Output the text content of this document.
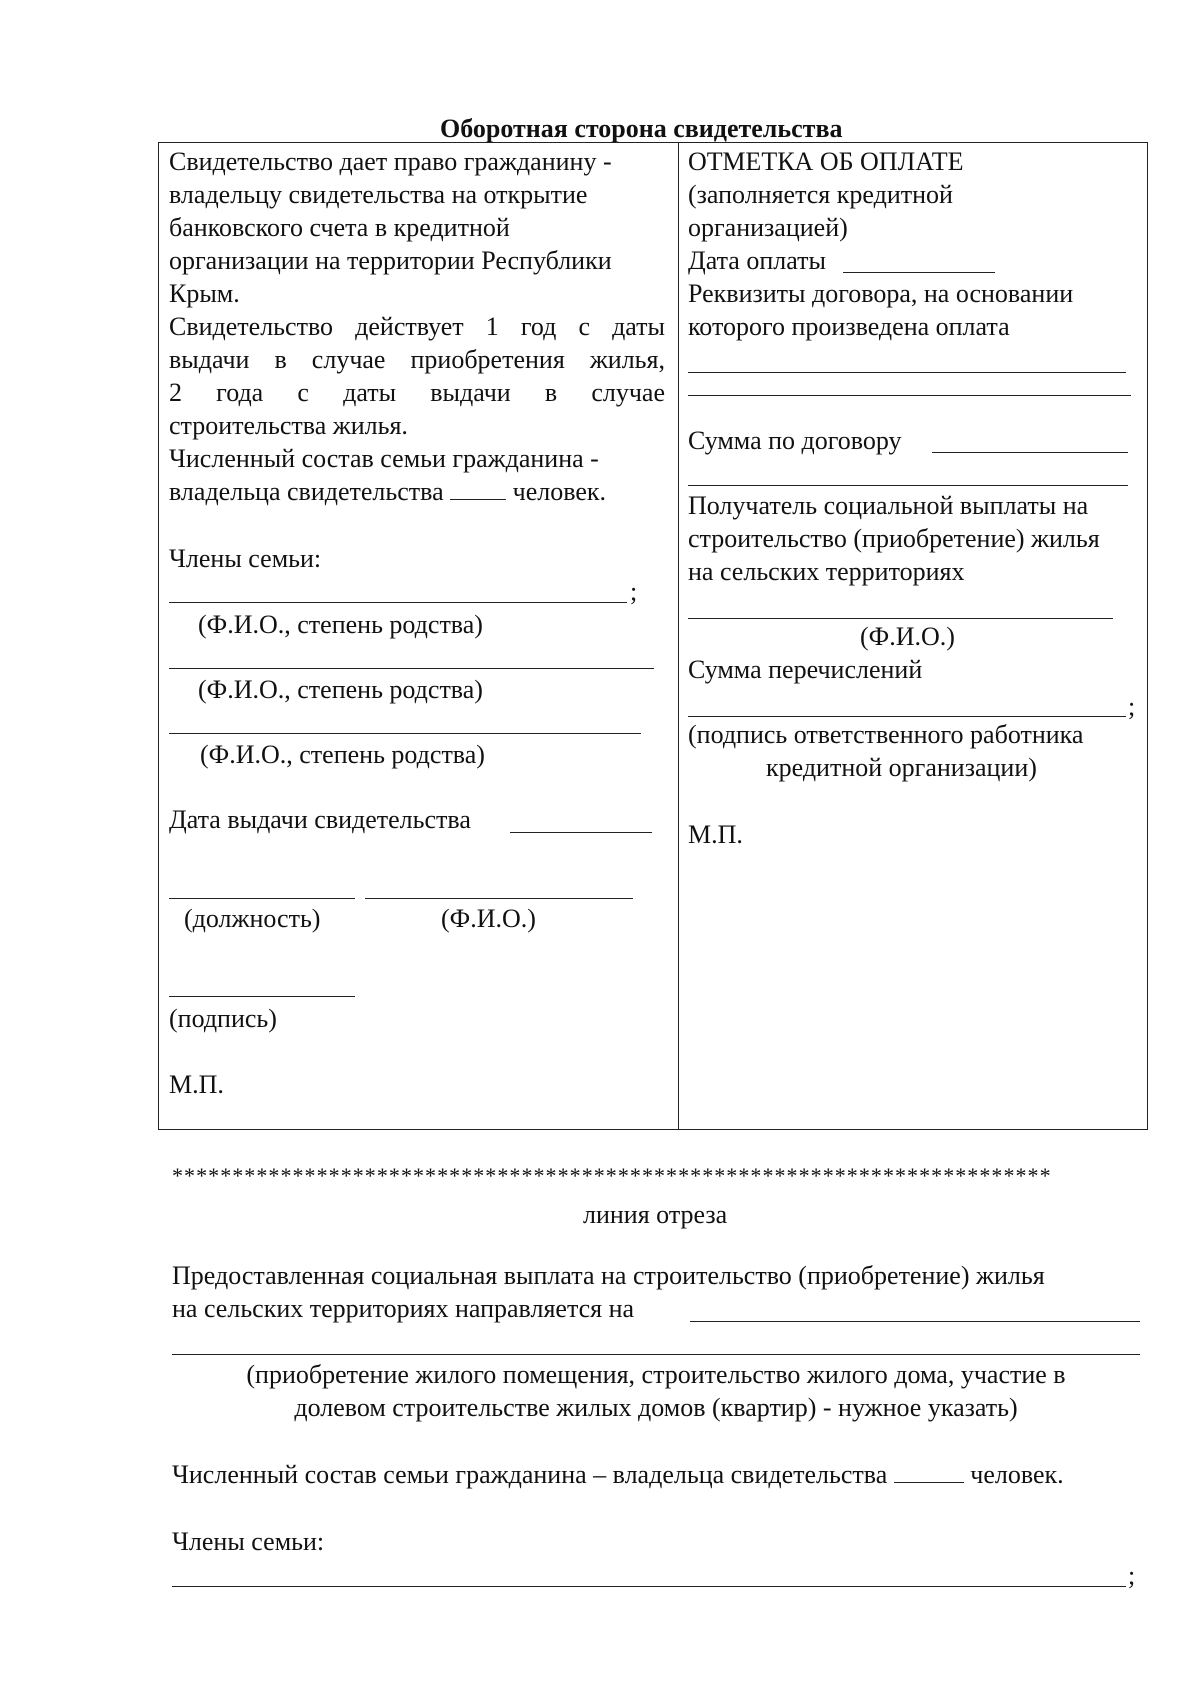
Оборотная сторона свидетельства
Свидетельство дает право гражданину -
владельцу свидетельства на открытие
банковского счета в кредитной
организации на территории Республики
Крым.
Свидетельство действует 1 год с даты
выдачи в случае приобретения жилья,
2 года с даты выдачи в случае
строительства жилья.
Численный состав семьи гражданина -
владельца свидетельства	человек.
Члены семьи:
;
(Ф.И.О., степень родства)
(Ф.И.О., степень родства)
(Ф.И.О., степень родства)
Дата выдачи свидетельства
(должность)	(Ф.И.О.)
(подпись)
М.П.
ОТМЕТКА ОБ ОПЛАТЕ
(заполняется кредитной
организацией)
Дата оплаты
Реквизиты договора, на основании
которого произведена оплата
Сумма по договору
Получатель социальной выплаты на
строительство (приобретение) жилья
на сельских территориях
(Ф.И.О.)
Сумма перечислений
;
(подпись ответственного работника
кредитной организации)
М.П.
*************************************************************************
линия отреза
Предоставленная социальная выплата на строительство (приобретение) жилья
на сельских территориях направляется на
(приобретение жилого помещения, строительство жилого дома, участие в
долевом строительстве жилых домов (квартир) - нужное указать)
Численный состав семьи гражданина – владельца свидетельства	человек.
Члены семьи:
;
